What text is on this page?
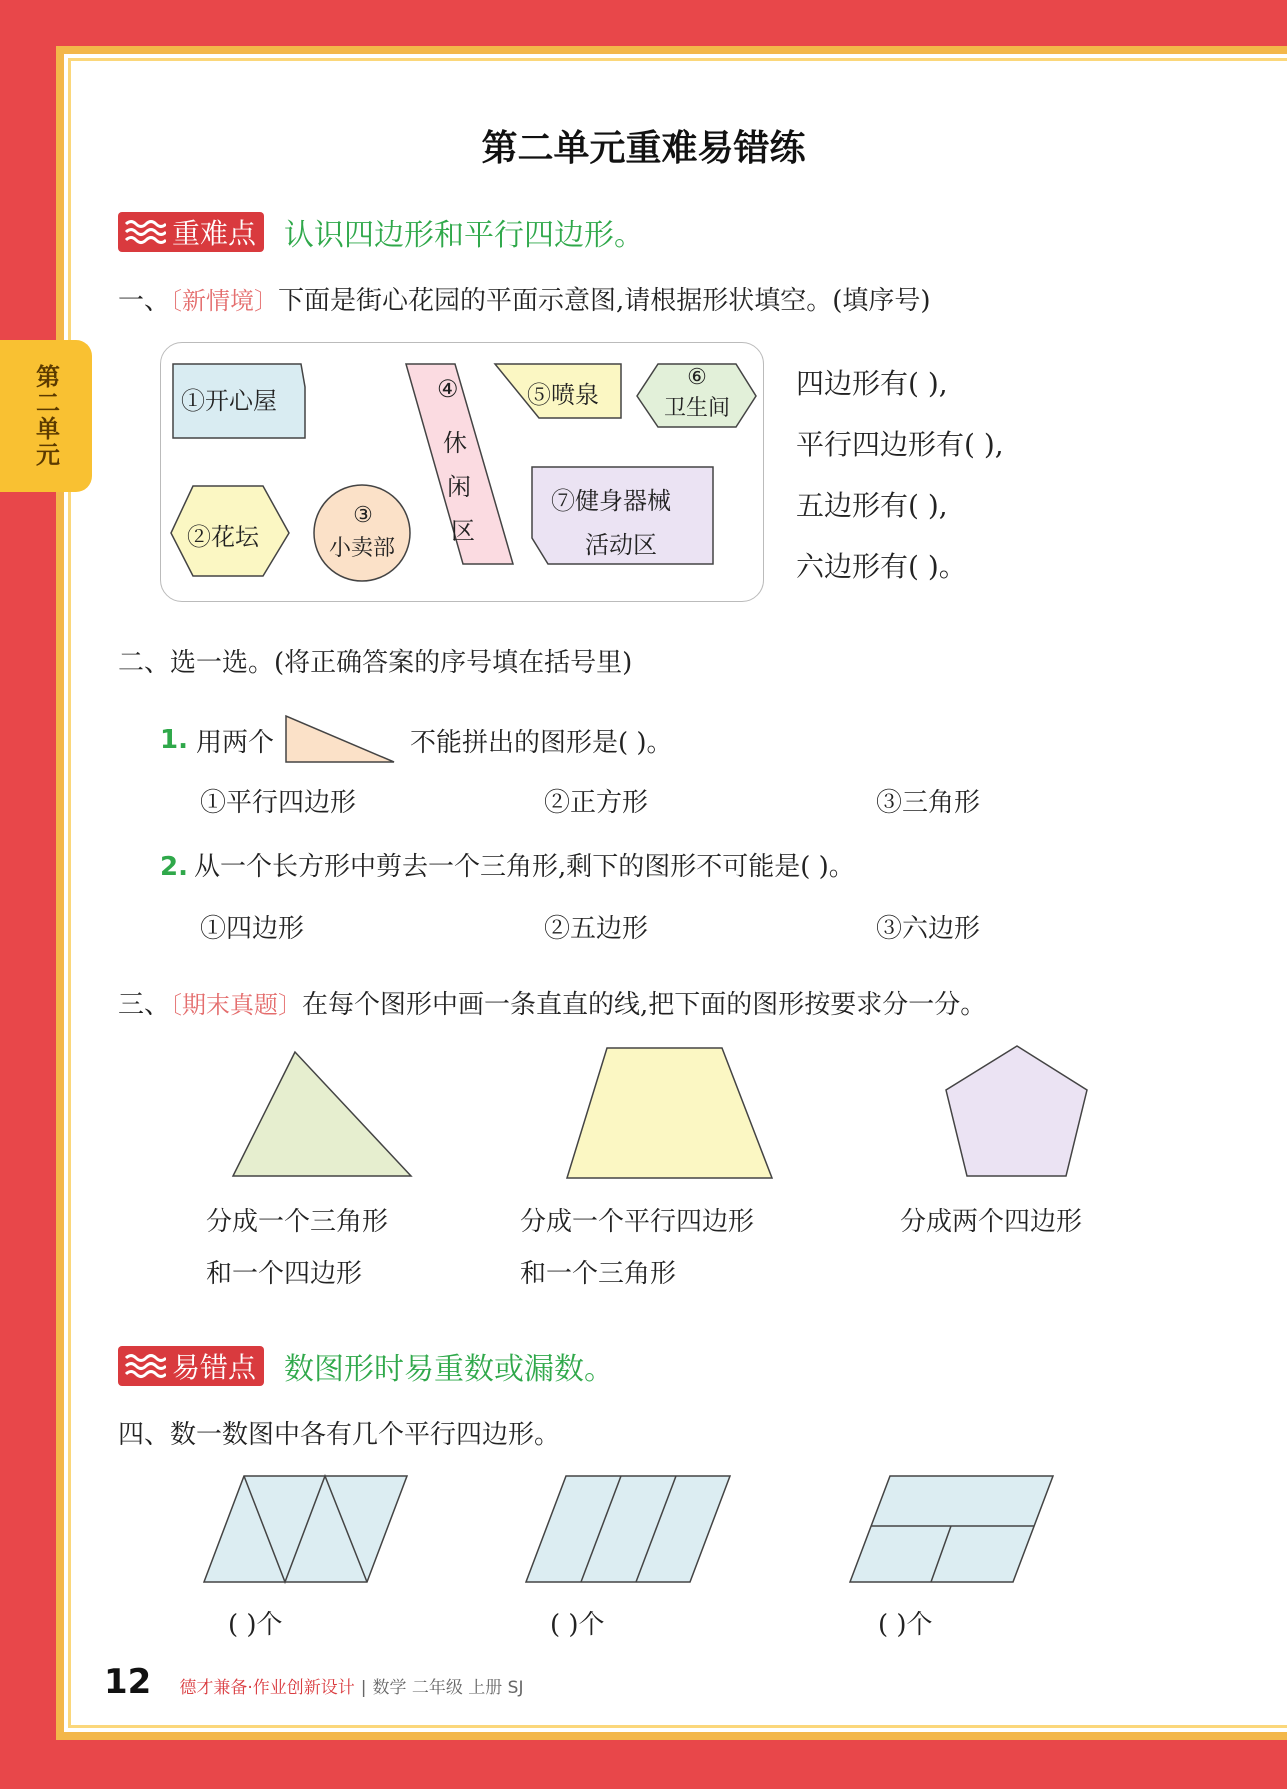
第二单元
第二单元重难易错练
重难点 认识四边形和平行四边形。
一、〔新情境〕下面是街心花园的平面示意图,请根据形状填空。(填序号)
①开心屋
②花坛
③
小卖部
④
休
闲
区
⑤喷泉
⑥
卫生间
⑦健身器械
活动区
四边形有( ),
平行四边形有( ),
五边形有( ),
六边形有( )。
二、选一选。(将正确答案的序号填在括号里)
1. 用两个	不能拼出的图形是( )。
①平行四边形	②正方形	③三角形
2. 从一个长方形中剪去一个三角形,剩下的图形不可能是( )。
①四边形	②五边形	③六边形
三、〔期末真题〕在每个图形中画一条直直的线,把下面的图形按要求分一分。
分成一个三角形
和一个四边形
分成一个平行四边形
和一个三角形
分成两个四边形
易错点 数图形时易重数或漏数。
四、数一数图中各有几个平行四边形。
( )个	( )个	( )个
12 德才兼备·作业创新设计 | 数学 二年级 上册 SJ
